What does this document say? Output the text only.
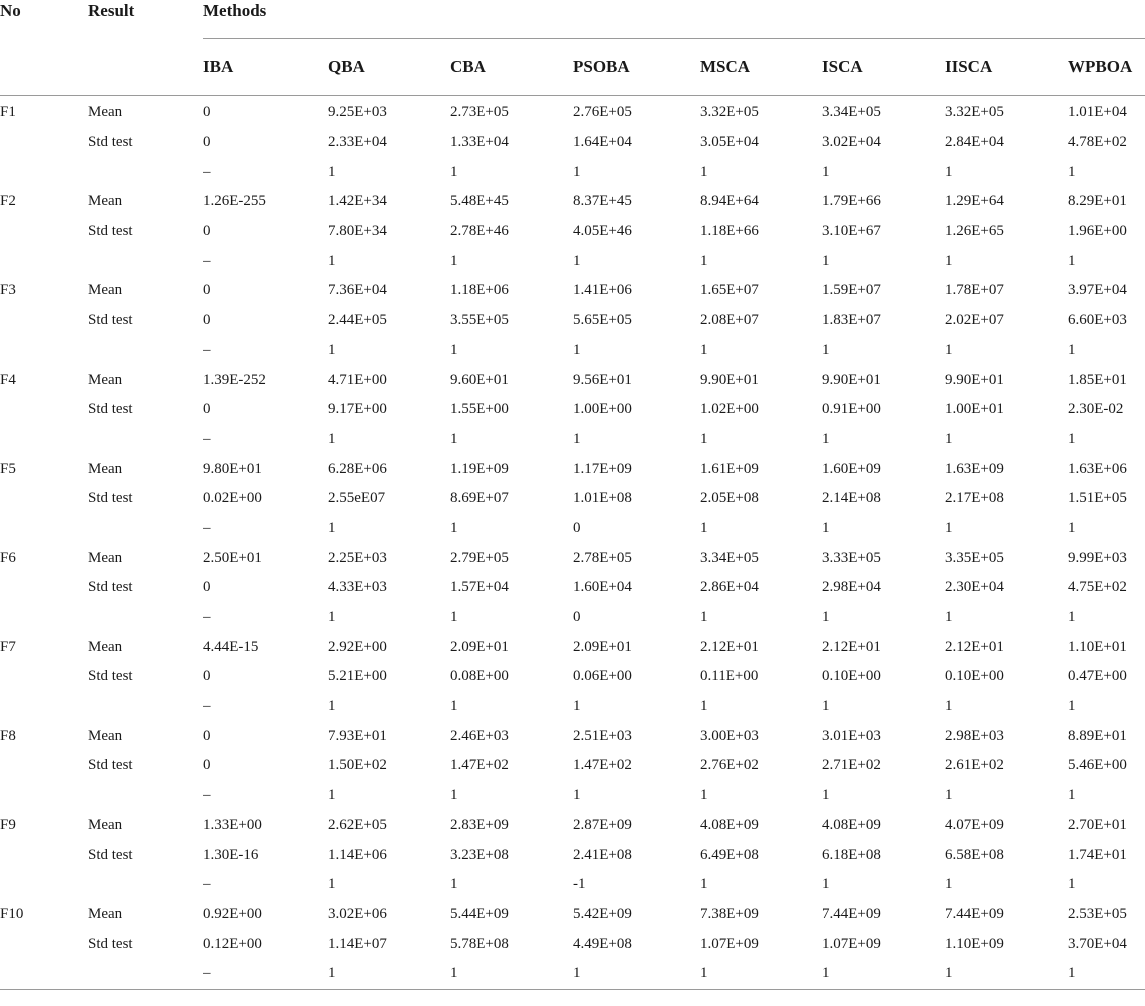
No	Result	Methods							
		IBA	QBA	CBA	PSOBA	MSCA	ISCA	IISCA	WPBOA
F1	Mean	0	9.25E+03	2.73E+05	2.76E+05	3.32E+05	3.34E+05	3.32E+05	1.01E+04
	Std test	0	2.33E+04	1.33E+04	1.64E+04	3.05E+04	3.02E+04	2.84E+04	4.78E+02
		–	1	1	1	1	1	1	1
F2	Mean	1.26E-255	1.42E+34	5.48E+45	8.37E+45	8.94E+64	1.79E+66	1.29E+64	8.29E+01
	Std test	0	7.80E+34	2.78E+46	4.05E+46	1.18E+66	3.10E+67	1.26E+65	1.96E+00
		–	1	1	1	1	1	1	1
F3	Mean	0	7.36E+04	1.18E+06	1.41E+06	1.65E+07	1.59E+07	1.78E+07	3.97E+04
	Std test	0	2.44E+05	3.55E+05	5.65E+05	2.08E+07	1.83E+07	2.02E+07	6.60E+03
		–	1	1	1	1	1	1	1
F4	Mean	1.39E-252	4.71E+00	9.60E+01	9.56E+01	9.90E+01	9.90E+01	9.90E+01	1.85E+01
	Std test	0	9.17E+00	1.55E+00	1.00E+00	1.02E+00	0.91E+00	1.00E+01	2.30E-02
		–	1	1	1	1	1	1	1
F5	Mean	9.80E+01	6.28E+06	1.19E+09	1.17E+09	1.61E+09	1.60E+09	1.63E+09	1.63E+06
	Std test	0.02E+00	2.55eE07	8.69E+07	1.01E+08	2.05E+08	2.14E+08	2.17E+08	1.51E+05
		–	1	1	0	1	1	1	1
F6	Mean	2.50E+01	2.25E+03	2.79E+05	2.78E+05	3.34E+05	3.33E+05	3.35E+05	9.99E+03
	Std test	0	4.33E+03	1.57E+04	1.60E+04	2.86E+04	2.98E+04	2.30E+04	4.75E+02
		–	1	1	0	1	1	1	1
F7	Mean	4.44E-15	2.92E+00	2.09E+01	2.09E+01	2.12E+01	2.12E+01	2.12E+01	1.10E+01
	Std test	0	5.21E+00	0.08E+00	0.06E+00	0.11E+00	0.10E+00	0.10E+00	0.47E+00
		–	1	1	1	1	1	1	1
F8	Mean	0	7.93E+01	2.46E+03	2.51E+03	3.00E+03	3.01E+03	2.98E+03	8.89E+01
	Std test	0	1.50E+02	1.47E+02	1.47E+02	2.76E+02	2.71E+02	2.61E+02	5.46E+00
		–	1	1	1	1	1	1	1
F9	Mean	1.33E+00	2.62E+05	2.83E+09	2.87E+09	4.08E+09	4.08E+09	4.07E+09	2.70E+01
	Std test	1.30E-16	1.14E+06	3.23E+08	2.41E+08	6.49E+08	6.18E+08	6.58E+08	1.74E+01
		–	1	1	-1	1	1	1	1
F10	Mean	0.92E+00	3.02E+06	5.44E+09	5.42E+09	7.38E+09	7.44E+09	7.44E+09	2.53E+05
	Std test	0.12E+00	1.14E+07	5.78E+08	4.49E+08	1.07E+09	1.07E+09	1.10E+09	3.70E+04
		–	1	1	1	1	1	1	1
